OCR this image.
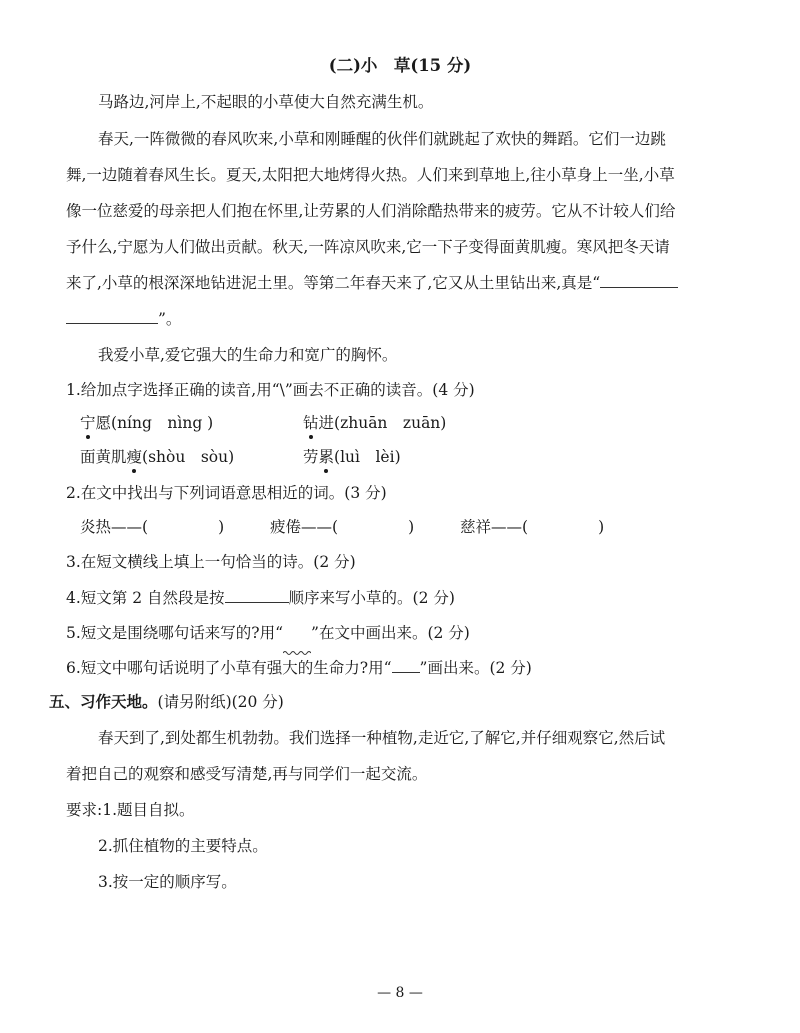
(二)小　草(15 分)
马路边,河岸上,不起眼的小草使大自然充满生机。
春天,一阵微微的春风吹来,小草和刚睡醒的伙伴们就跳起了欢快的舞蹈。它们一边跳
舞,一边随着春风生长。夏天,太阳把大地烤得火热。人们来到草地上,往小草身上一坐,小草
像一位慈爱的母亲把人们抱在怀里,让劳累的人们消除酷热带来的疲劳。它从不计较人们给
予什么,宁愿为人们做出贡献。秋天,一阵凉风吹来,它一下子变得面黄肌瘦。寒风把冬天请
来了,小草的根深深地钻进泥土里。等第二年春天来了,它又从土里钻出来,真是“
”。
我爱小草,爱它强大的生命力和宽广的胸怀。
1.给加点字选择正确的读音,用“\”画去不正确的读音。(4 分)
宁愿(níng　nìng )	钻进(zhuān　zuān)
面黄肌瘦(shòu　sòu)	劳累(luì　lèi)
2.在文中找出与下列词语意思相近的词。(3 分)
炎热——(	)	疲倦——(	)	慈祥——(	)
3.在短文横线上填上一句恰当的诗。(2 分)
4.短文第 2 自然段是按	顺序来写小草的。(2 分)
5.短文是围绕哪句话来写的?用“ ”在文中画出来。(2 分)
6.短文中哪句话说明了小草有强大的生命力?用“ ”画出来。(2 分)
五、习作天地。(请另附纸)(20 分)
春天到了,到处都生机勃勃。我们选择一种植物,走近它,了解它,并仔细观察它,然后试
着把自己的观察和感受写清楚,再与同学们一起交流。
要求:1.题目自拟。
2.抓住植物的主要特点。
3.按一定的顺序写。
— 8 —
